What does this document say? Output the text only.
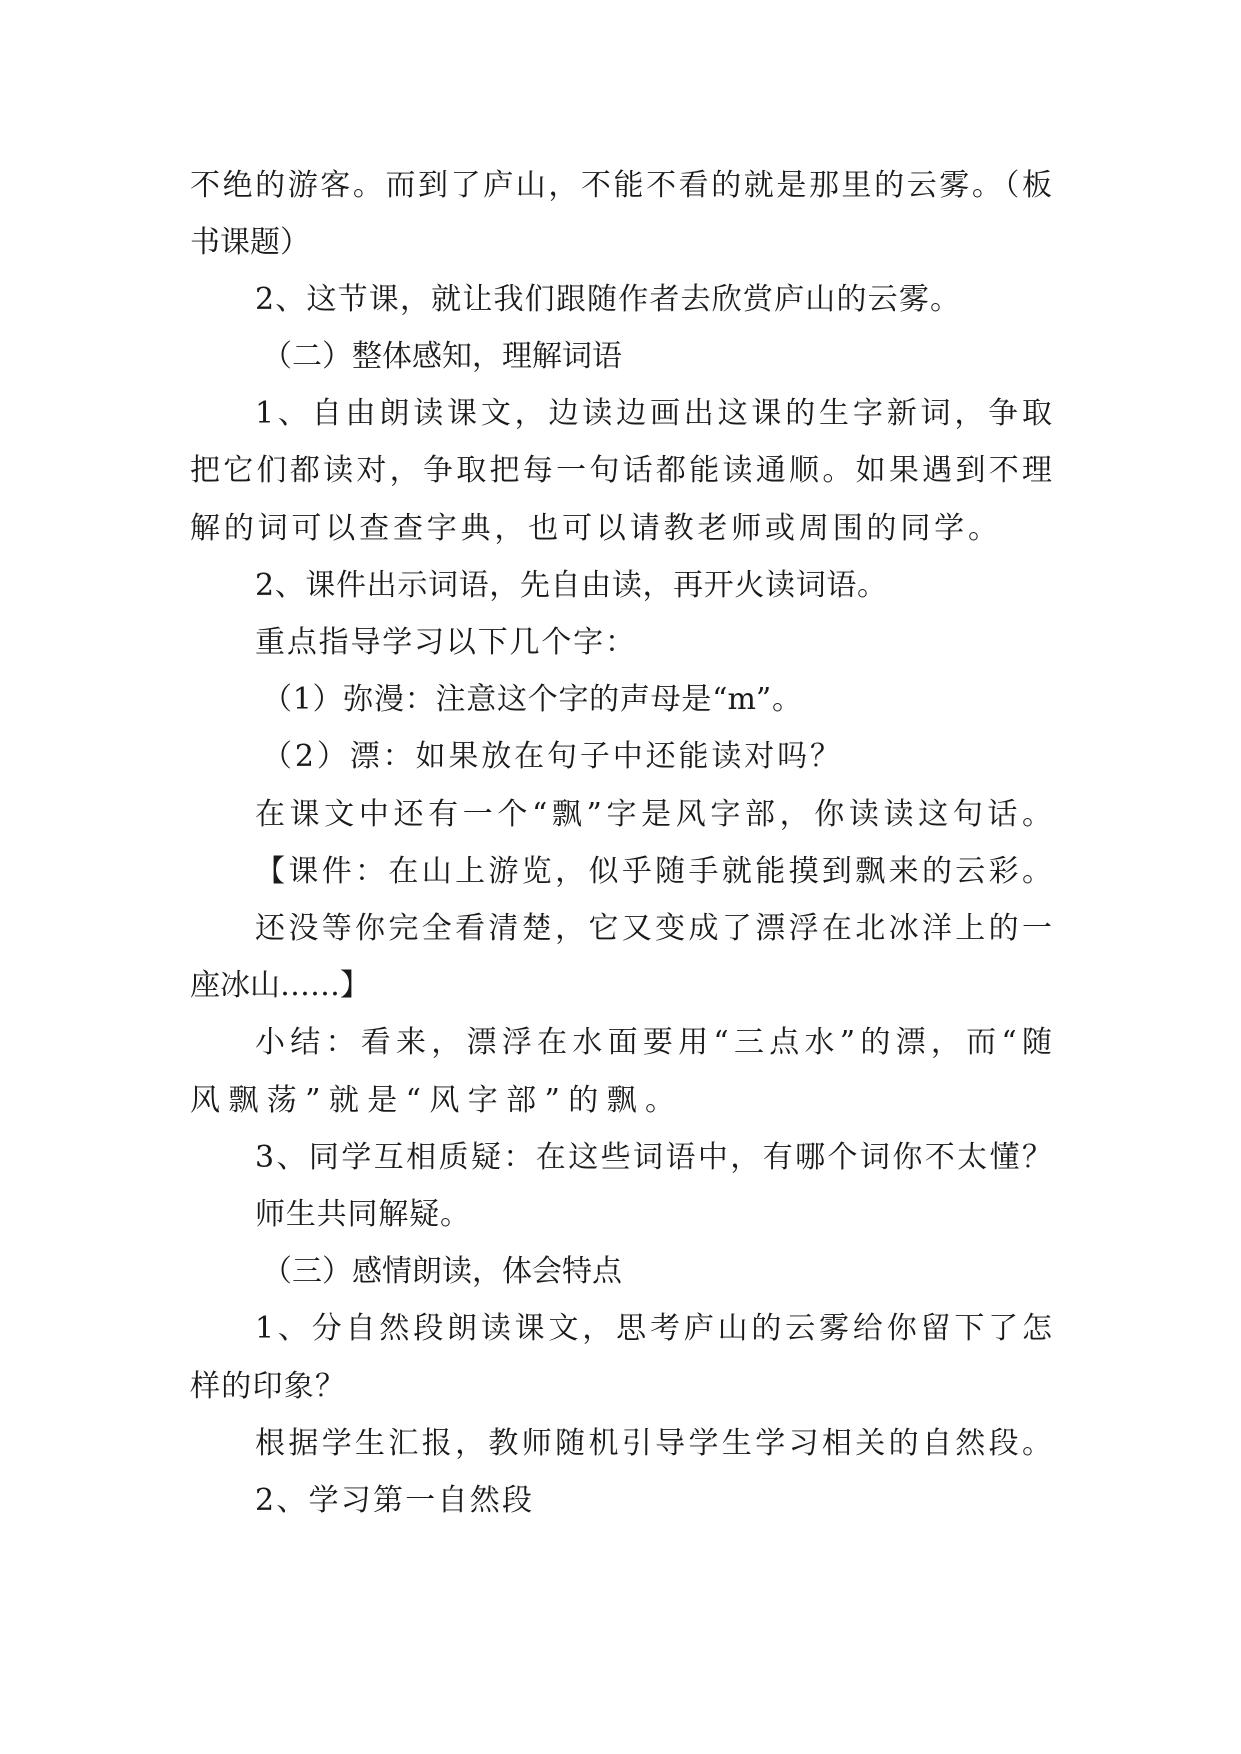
不绝的游客。而到了庐山，不能不看的就是那里的云雾。（板
书课题）
2、这节课，就让我们跟随作者去欣赏庐山的云雾。
（二）整体感知，理解词语
1、自由朗读课文，边读边画出这课的生字新词，争取
把它们都读对，争取把每一句话都能读通顺。如果遇到不理
解的词可以查查字典，也可以请教老师或周围的同学。
2、课件出示词语，先自由读，再开火读词语。
重点指导学习以下几个字：
（1）弥漫：注意这个字的声母是“m”。
（2）漂：如果放在句子中还能读对吗？
在课文中还有一个“飘”字是风字部，你读读这句话。
【课件：在山上游览，似乎随手就能摸到飘来的云彩。
还没等你完全看清楚，它又变成了漂浮在北冰洋上的一
座冰山……】
小结：看来，漂浮在水面要用“三点水”的漂，而“随
风飘荡”就是“风字部”的飘。
3、同学互相质疑：在这些词语中，有哪个词你不太懂？
师生共同解疑。
（三）感情朗读，体会特点
1、分自然段朗读课文，思考庐山的云雾给你留下了怎
样的印象？
根据学生汇报，教师随机引导学生学习相关的自然段。
2、学习第一自然段
